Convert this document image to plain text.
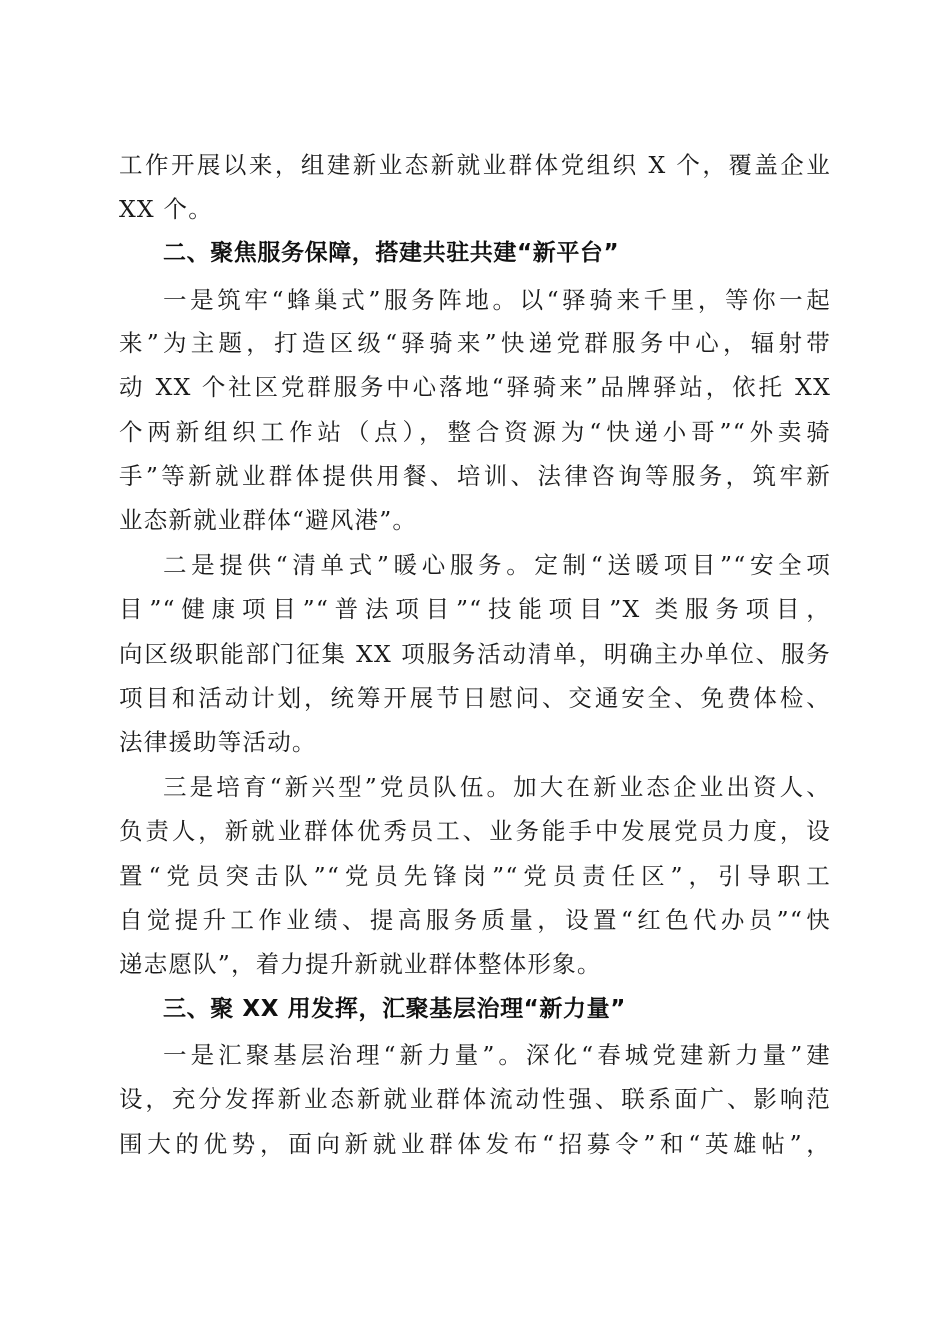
工作开展以来，组建新业态新就业群体党组织 X 个，覆盖企业
XX 个。
二、聚焦服务保障，搭建共驻共建“新平台”
一是筑牢“蜂巢式”服务阵地。以“驿骑来千里，等你一起
来”为主题，打造区级“驿骑来”快递党群服务中心，辐射带
动 XX 个社区党群服务中心落地“驿骑来”品牌驿站，依托 XX
个两新组织工作站（点），整合资源为“快递小哥”“外卖骑
手”等新就业群体提供用餐、培训、法律咨询等服务，筑牢新
业态新就业群体“避风港”。
二是提供“清单式”暖心服务。定制“送暖项目”“安全项
目”“健康项目”“普法项目”“技能项目”X 类服务项目，
向区级职能部门征集 XX 项服务活动清单，明确主办单位、服务
项目和活动计划，统筹开展节日慰问、交通安全、免费体检、
法律援助等活动。
三是培育“新兴型”党员队伍。加大在新业态企业出资人、
负责人，新就业群体优秀员工、业务能手中发展党员力度，设
置“党员突击队”“党员先锋岗”“党员责任区”，引导职工
自觉提升工作业绩、提高服务质量，设置“红色代办员”“快
递志愿队”，着力提升新就业群体整体形象。
三、聚 XX 用发挥，汇聚基层治理“新力量”
一是汇聚基层治理“新力量”。深化“春城党建新力量”建
设，充分发挥新业态新就业群体流动性强、联系面广、影响范
围大的优势，面向新就业群体发布“招募令”和“英雄帖”，
